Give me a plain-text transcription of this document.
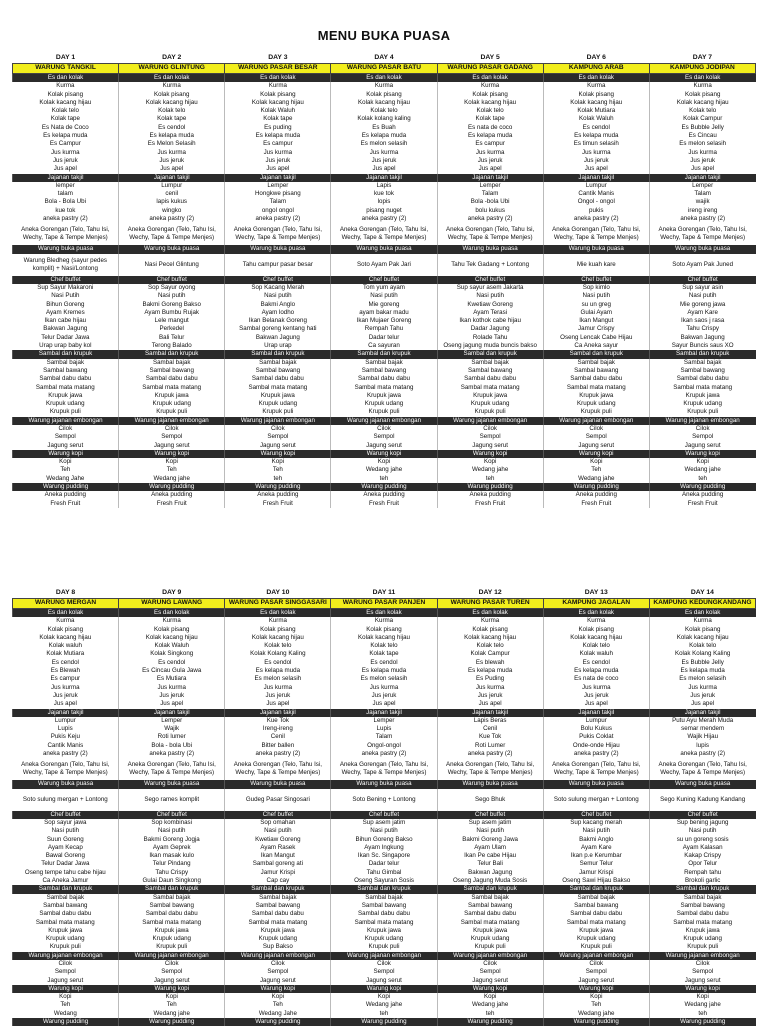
MENU BUKA PUASA
DAY 1	DAY 2	DAY 3	DAY 4	DAY 5	DAY 6	DAY 7
WARUNG TANGKIL	WARUNG GLINTUNG	WARUNG PASAR BESAR	WARUNG PASAR BATU	WARUNG PASAR GADANG	KAMPUNG ARAB	KAMPUNG JODIPAN
Es dan kolak	Es dan kolak	Es dan kolak	Es dan kolak	Es dan kolak	Es dan kolak	Es dan kolak
Kurma	Kurma	Kurma	Kurma	Kurma	Kurma	Kurma
Kolak pisang	Kolak pisang	Kolak pisang	Kolak pisang	Kolak pisang	Kolak pisang	Kolak pisang
Kolak kacang hijau	Kolak kacang hijau	Kolak kacang hijau	Kolak kacang hijau	Kolak kacang hijau	Kolak kacang hijau	Kolak kacang hijau
Kolak telo	Kolak telo	Kolak Waluh	Kolak telo	Kolak telo	Kolak Mutiara	Kolak telo
Kolak tape	Kolak tape	Kolak tape	Kolak kolang kaling	Kolak tape	Kolak Waluh	Kolak Campur
Es Nata de Coco	Es cendol	Es puding	Es Buah	Es nata de coco	Es cendol	Es Bubble Jelly
Es kelapa muda	Es kelapa muda	Es kelapa muda	Es kelapa muda	Es kelapa muda	Es kelapa muda	Es Cincau
Es Campur	Es Melon Selasih	Es campur	Es melon selasih	Es campur	Es timun selasih	Es melon selasih
Jus kurma	Jus kurma	Jus kurma	Jus kurma	Jus kurma	Jus kurma	Jus kurma
Jus jeruk	Jus jeruk	Jus jeruk	Jus jeruk	Jus jeruk	Jus jeruk	Jus jeruk
Jus apel	Jus apel	Jus apel	Jus apel	Jus apel	Jus apel	Jus apel
Jajanan takjil	Jajanan takjil	Jajanan takjil	Jajanan takjil	Jajanan takjil	Jajanan takjil	Jajanan takjil
lemper	Lumpur	Lemper	Lapis	Lemper	Lumpur	Lemper
talam	cenil	Hongkwe pisang	kue tok	Talam	Cantik Manis	Talam
Bola - Bola Ubi	lapis kukus	Talam	lopis	Bola -bola Ubi	Ongol - ongol	wajik
kue tok	wingko	ongol ongol	pisang nuget	bolu kukus	pukis	ireng ireng
aneka pastry (2)	aneka pastry (2)	aneka pastry (2)	aneka pastry (2)	aneka pastry (2)	aneka pastry (2)	aneka pastry (2)
Aneka Gorengan (Telo, Tahu Isi, Wechy, Tape & Tempe Menjes)	Aneka Gorengan (Telo, Tahu Isi, Wechy, Tape & Tempe Menjes)	Aneka Gorengan (Telo, Tahu Isi, Wechy, Tape & Tempe Menjes)	Aneka Gorengan (Telo, Tahu Isi, Wechy, Tape & Tempe Menjes)	Aneka Gorengan (Telo, Tahu Isi, Wechy, Tape & Tempe Menjes)	Aneka Gorengan (Telo, Tahu Isi, Wechy, Tape & Tempe Menjes)	Aneka Gorengan (Telo, Tahu Isi, Wechy, Tape & Tempe Menjes)
Warung buka puasa	Warung buka puasa	Warung buka puasa	Warung buka puasa	Warung buka puasa	Warung buka puasa	Warung buka puasa
Warung Bledheg (sayur pedes komplit) + Nasi/Lontong	Nasi Pecel Glintung	Tahu campur pasar besar	Soto Ayam Pak Jari	Tahu Tek Gadang + Lontong	Mie kuah kare	Soto Ayam Pak Juned
Chef buffet	Chef buffet	Chef buffet	Chef buffet	Chef buffet	Chef buffet	Chef buffet
Sup Sayur Makaroni	Sop Sayur oyong	Sop Kacang Merah	Tom yum ayam	Sup sayur asem Jakarta	Sop kimlo	Sup sayur asin
Nasi Putih	Nasi putih	Nasi putih	Nasi putih	Nasi putih	Nasi putih	Nasi putih
Bihun Goreng	Bakmi Goreng Bakso	Bakmi Anglo	Mie goreng	Kwetiaw Goreng	su un greg	Mie goreng jawa
Ayam Kremes	Ayam Bumbu Rujak	Ayam lodho	ayam bakar madu	Ayam Terasi	Gulai Ayam	Ayam Kare
Ikan cabe hijau	Lele mangut	Ikan Belanak Goreng	Ikan Mujaer Goreng	Ikan kothok cabe hijau	Ikan Mangut	Ikan saos j rasa
Bakwan Jagung	Perkedel	Sambal goreng kentang hati	Rempah Tahu	Dadar Jagung	Jamur Crispy	Tahu Crispy
Telur Dadar Jawa	Bali Telur	Bakwan Jagung	Dadar telur	Rolade Tahu	Oseng Lencak Cabe Hijau	Bakwan Jagung
Urap urap baby kol	Terong Balado	Urap urap	Ca sayuran	Oseng jagung muda buncis bakso	Ca Aneka sayur	Sayur Buncis saus XO
Sambal dan krupuk	Sambal dan krupuk	Sambal dan krupuk	Sambal dan krupuk	Sambal dan krupuk	Sambal dan krupuk	Sambal dan krupuk
Sambal bajak	Sambal bajak	Sambal bajak	Sambal bajak	Sambal bajak	Sambal bajak	Sambal bajak
Sambal bawang	Sambal bawang	Sambal bawang	Sambal bawang	Sambal bawang	Sambal bawang	Sambal bawang
Sambal dabu dabu	Sambal dabu dabu	Sambal dabu dabu	Sambal dabu dabu	Sambal dabu dabu	Sambal dabu dabu	Sambal dabu dabu
Sambal mata matang	Sambal mata matang	Sambal mata matang	Sambal mata matang	Sambal mata matang	Sambal mata matang	Sambal mata matang
Krupuk jawa	Krupuk jawa	Krupuk jawa	Krupuk jawa	Krupuk jawa	Krupuk jawa	Krupuk jawa
Krupuk udang	Krupuk udang	Krupuk udang	Krupuk udang	Krupuk udang	Krupuk udang	Krupuk udang
Krupuk puli	Krupuk puli	Krupuk puli	Krupuk puli	Krupuk puli	Krupuk puli	Krupuk puli
Warung jajanan embongan	Warung jajanan embongan	Warung jajanan embongan	Warung jajanan embongan	Warung jajanan embongan	Warung jajanan embongan	Warung jajanan embongan
Cilok	Cilok	Cilok	Cilok	Cilok	Cilok	Cilok
Sempol	Sempol	Sempol	Sempol	Sempol	Sempol	Sempol
Jagung serut	Jagung serut	Jagung serut	Jagung serut	Jagung serut	Jagung serut	Jagung serut
Warung kopi	Warung kopi	Warung kopi	Warung kopi	Warung kopi	Warung kopi	Warung kopi
Kopi	Kopi	Kopi	Kopi	Kopi	Kopi	Kopi
Teh	Teh	Teh	Wedang jahe	Wedang jahe	Teh	Wedang jahe
Wedang Jahe	Wedang jahe	teh	teh	teh	Wedang jahe	teh
Warung pudding	Warung pudding	Warung pudding	Warung pudding	Warung pudding	Warung pudding	Warung pudding
Aneka pudding	Aneka pudding	Aneka pudding	Aneka pudding	Aneka pudding	Aneka pudding	Aneka pudding
Fresh Fruit	Fresh Fruit	Fresh Fruit	Fresh Fruit	Fresh Fruit	Fresh Fruit	Fresh Fruit
DAY 8	DAY 9	DAY 10	DAY 11	DAY 12	DAY 13	DAY 14
WARUNG MERGAN	WARUNG LAWANG	WARUNG PASAR SINGGASARI	WARUNG PASAR PANJEN	WARUNG PASAR TUREN	KAMPUNG JAGALAN	KAMPUNG KEDUNGKANDANG
Es dan kolak	Es dan kolak	Es dan kolak	Es dan kolak	Es dan kolak	Es dan kolak	Es dan kolak
Kurma	Kurma	Kurma	Kurma	Kurma	Kurma	Kurma
Kolak pisang	Kolak pisang	Kolak pisang	Kolak pisang	Kolak pisang	Kolak pisang	Kolak pisang
Kolak kacang hijau	Kolak kacang hijau	Kolak kacang hijau	Kolak kacang hijau	Kolak kacang hijau	Kolak kacang hijau	Kolak kacang hijau
Kolak waluh	Kolak Waluh	Kolak telo	Kolak telo	Kolak telo	Kolak telo	Kolak telo
Kolak Mutiara	Kolak Singkong	Kolak Kolang Kaling	Kolak tape	Kolak Campur	Kolak waluh	Kolak Kolang Kaling
Es cendol	Es cendol	Es cendol	Es cendol	Es blewah	Es cendol	Es Bubble Jelly
Es Blewah	Es Cincau Gula Jawa	Es kelapa muda	Es kelapa muda	Es kelapa muda	Es kelapa muda	Es kelapa muda
Es campur	Es Mutiara	Es melon selasih	Es melon selasih	Es Puding	Es nata de coco	Es melon selasih
Jus kurma	Jus kurma	Jus kurma	Jus kurma	Jus kurma	Jus kurma	Jus kurma
Jus jeruk	Jus jeruk	Jus jeruk	Jus jeruk	Jus jeruk	Jus jeruk	Jus jeruk
Jus apel	Jus apel	Jus apel	Jus apel	Jus apel	Jus apel	Jus apel
Jajanan takjil	Jajanan takjil	Jajanan takjil	Jajanan takjil	Jajanan takjil	Jajanan takjil	Jajanan takjil
Lumpur	Lemper	Kue Tok	Lemper	Lapis Beras	Lumpur	Putu Ayu Merah Muda
Lupis	Wajik	Ireng-ireng	Lupis	Cenil	Bolu Kukus	semar mendem
Pukis Keju	Roti lumer	Cenil	Talam	Kue Tok	Pukis Coklat	Wajik Hijau
Cantik Manis	Bola - bola Ubi	Bitter ballen	Ongol-ongol	Roti Lumer	Onde-onde Hijau	lupis
aneka pastry (2)	aneka pastry (2)	aneka pastry (2)	aneka pastry (2)	aneka pastry (2)	aneka pastry (2)	aneka pastry (2)
Aneka Gorengan (Telo, Tahu Isi, Wechy, Tape & Tempe Menjes)	Aneka Gorengan (Telo, Tahu Isi, Wechy, Tape & Tempe Menjes)	Aneka Gorengan (Telo, Tahu Isi, Wechy, Tape & Tempe Menjes)	Aneka Gorengan (Telo, Tahu Isi, Wechy, Tape & Tempe Menjes)	Aneka Gorengan (Telo, Tahu Isi, Wechy, Tape & Tempe Menjes)	Aneka Gorengan (Telo, Tahu Isi, Wechy, Tape & Tempe Menjes)	Aneka Gorengan (Telo, Tahu Isi, Wechy, Tape & Tempe Menjes)
Warung buka puasa	Warung buka puasa	Warung buka puasa	Warung buka puasa	Warung buka puasa	Warung buka puasa	Warung buka puasa
Soto sulung mergan + Lontong	Sego rames komplit	Gudeg Pasar Singosari	Soto Bening + Lontong	Sego Bhuk	Soto sulung mergan + Lontong	Sego Kuning Kadung Kandang
Chef buffet	Chef buffet	Chef buffet	Chef buffet	Chef buffet	Chef buffet	Chef buffet
Sop sayur jawa	Sop kombinasi	Sop omahan	Sup asem jatim	Sup asem jatim	Sup kacang merah	Sup bening jagung
Nasi putih	Nasi putih	Nasi putih	Nasi putih	Nasi putih	Nasi putih	Nasi putih
Suun Goreng	Bakmi Goreng Jogja	Kwetiaw Goreng	Bihun Goreng Bakso	Bakmi Goreng Jawa	Bakmi Anglo	su un goreng sosis
Ayam Kecap	Ayam Geprek	Ayam Rasek	Ayam Ingkung	Ayam Ulam	Ayam Kare	Ayam Kalasan
Bawal Goreng	Ikan masak kulo	Ikan Mangut	Ikan Sc. Singapore	Ikan Pe cabe Hijau	Ikan p.e Kerumbar	Kakap Crispy
Telur Dadar Jawa	Telur Pindang	Sambal goreng ati	Dadar telur	Telur Bali	Semur Telur	Opor Telur
Oseng tempe tahu cabe hijau	Tahu Crispy	Jamur Krispi	Tahu Gimbal	Bakwan Jagung	Jamur Krispi	Rempah tahu
Ca Aneka Jamur	Gulai Daun Singkong	Cap cay	Oseng Sayuran Sosis	Oseng Jagung Muda Sosis	Oseng Sawi Hijau Bakso	Brokoli garlic
Sambal dan krupuk	Sambal dan krupuk	Sambal dan krupuk	Sambal dan krupuk	Sambal dan krupuk	Sambal dan krupuk	Sambal dan krupuk
Sambal bajak	Sambal bajak	Sambal bajak	Sambal bajak	Sambal bajak	Sambal bajak	Sambal bajak
Sambal bawang	Sambal bawang	Sambal bawang	Sambal bawang	Sambal bawang	Sambal bawang	Sambal bawang
Sambal dabu dabu	Sambal dabu dabu	Sambal dabu dabu	Sambal dabu dabu	Sambal dabu dabu	Sambal dabu dabu	Sambal dabu dabu
Sambal mata matang	Sambal mata matang	Sambal mata matang	Sambal mata matang	Sambal mata matang	Sambal mata matang	Sambal mata matang
Krupuk jawa	Krupuk jawa	Krupuk jawa	Krupuk jawa	Krupuk jawa	Krupuk jawa	Krupuk jawa
Krupuk udang	Krupuk udang	Krupuk udang	Krupuk udang	Krupuk udang	Krupuk udang	Krupuk udang
Krupuk puli	Krupuk puli	Sup Bakso	Krupuk puli	Krupuk puli	Krupuk puli	Krupuk puli
Warung jajanan embongan	Warung jajanan embongan	Warung jajanan embongan	Warung jajanan embongan	Warung jajanan embongan	Warung jajanan embongan	Warung jajanan embongan
Cilok	Cilok	Cilok	Cilok	Cilok	Cilok	Cilok
Sempol	Sempol	Sempol	Sempol	Sempol	Sempol	Sempol
Jagung serut	Jagung serut	Jagung serut	Jagung serut	Jagung serut	Jagung serut	Jagung serut
Warung kopi	Warung kopi	Warung kopi	Warung kopi	Warung kopi	Warung kopi	Warung kopi
Kopi	Kopi	Kopi	Kopi	Kopi	Kopi	Kopi
Teh	Teh	Teh	Wedang jahe	Wedang jahe	Teh	Wedang jahe
Wedang	Wedang jahe	Wedang Jahe	teh	teh	Wedang jahe	teh
Warung pudding	Warung pudding	Warung pudding	Warung pudding	Warung pudding	Warung pudding	Warung pudding
